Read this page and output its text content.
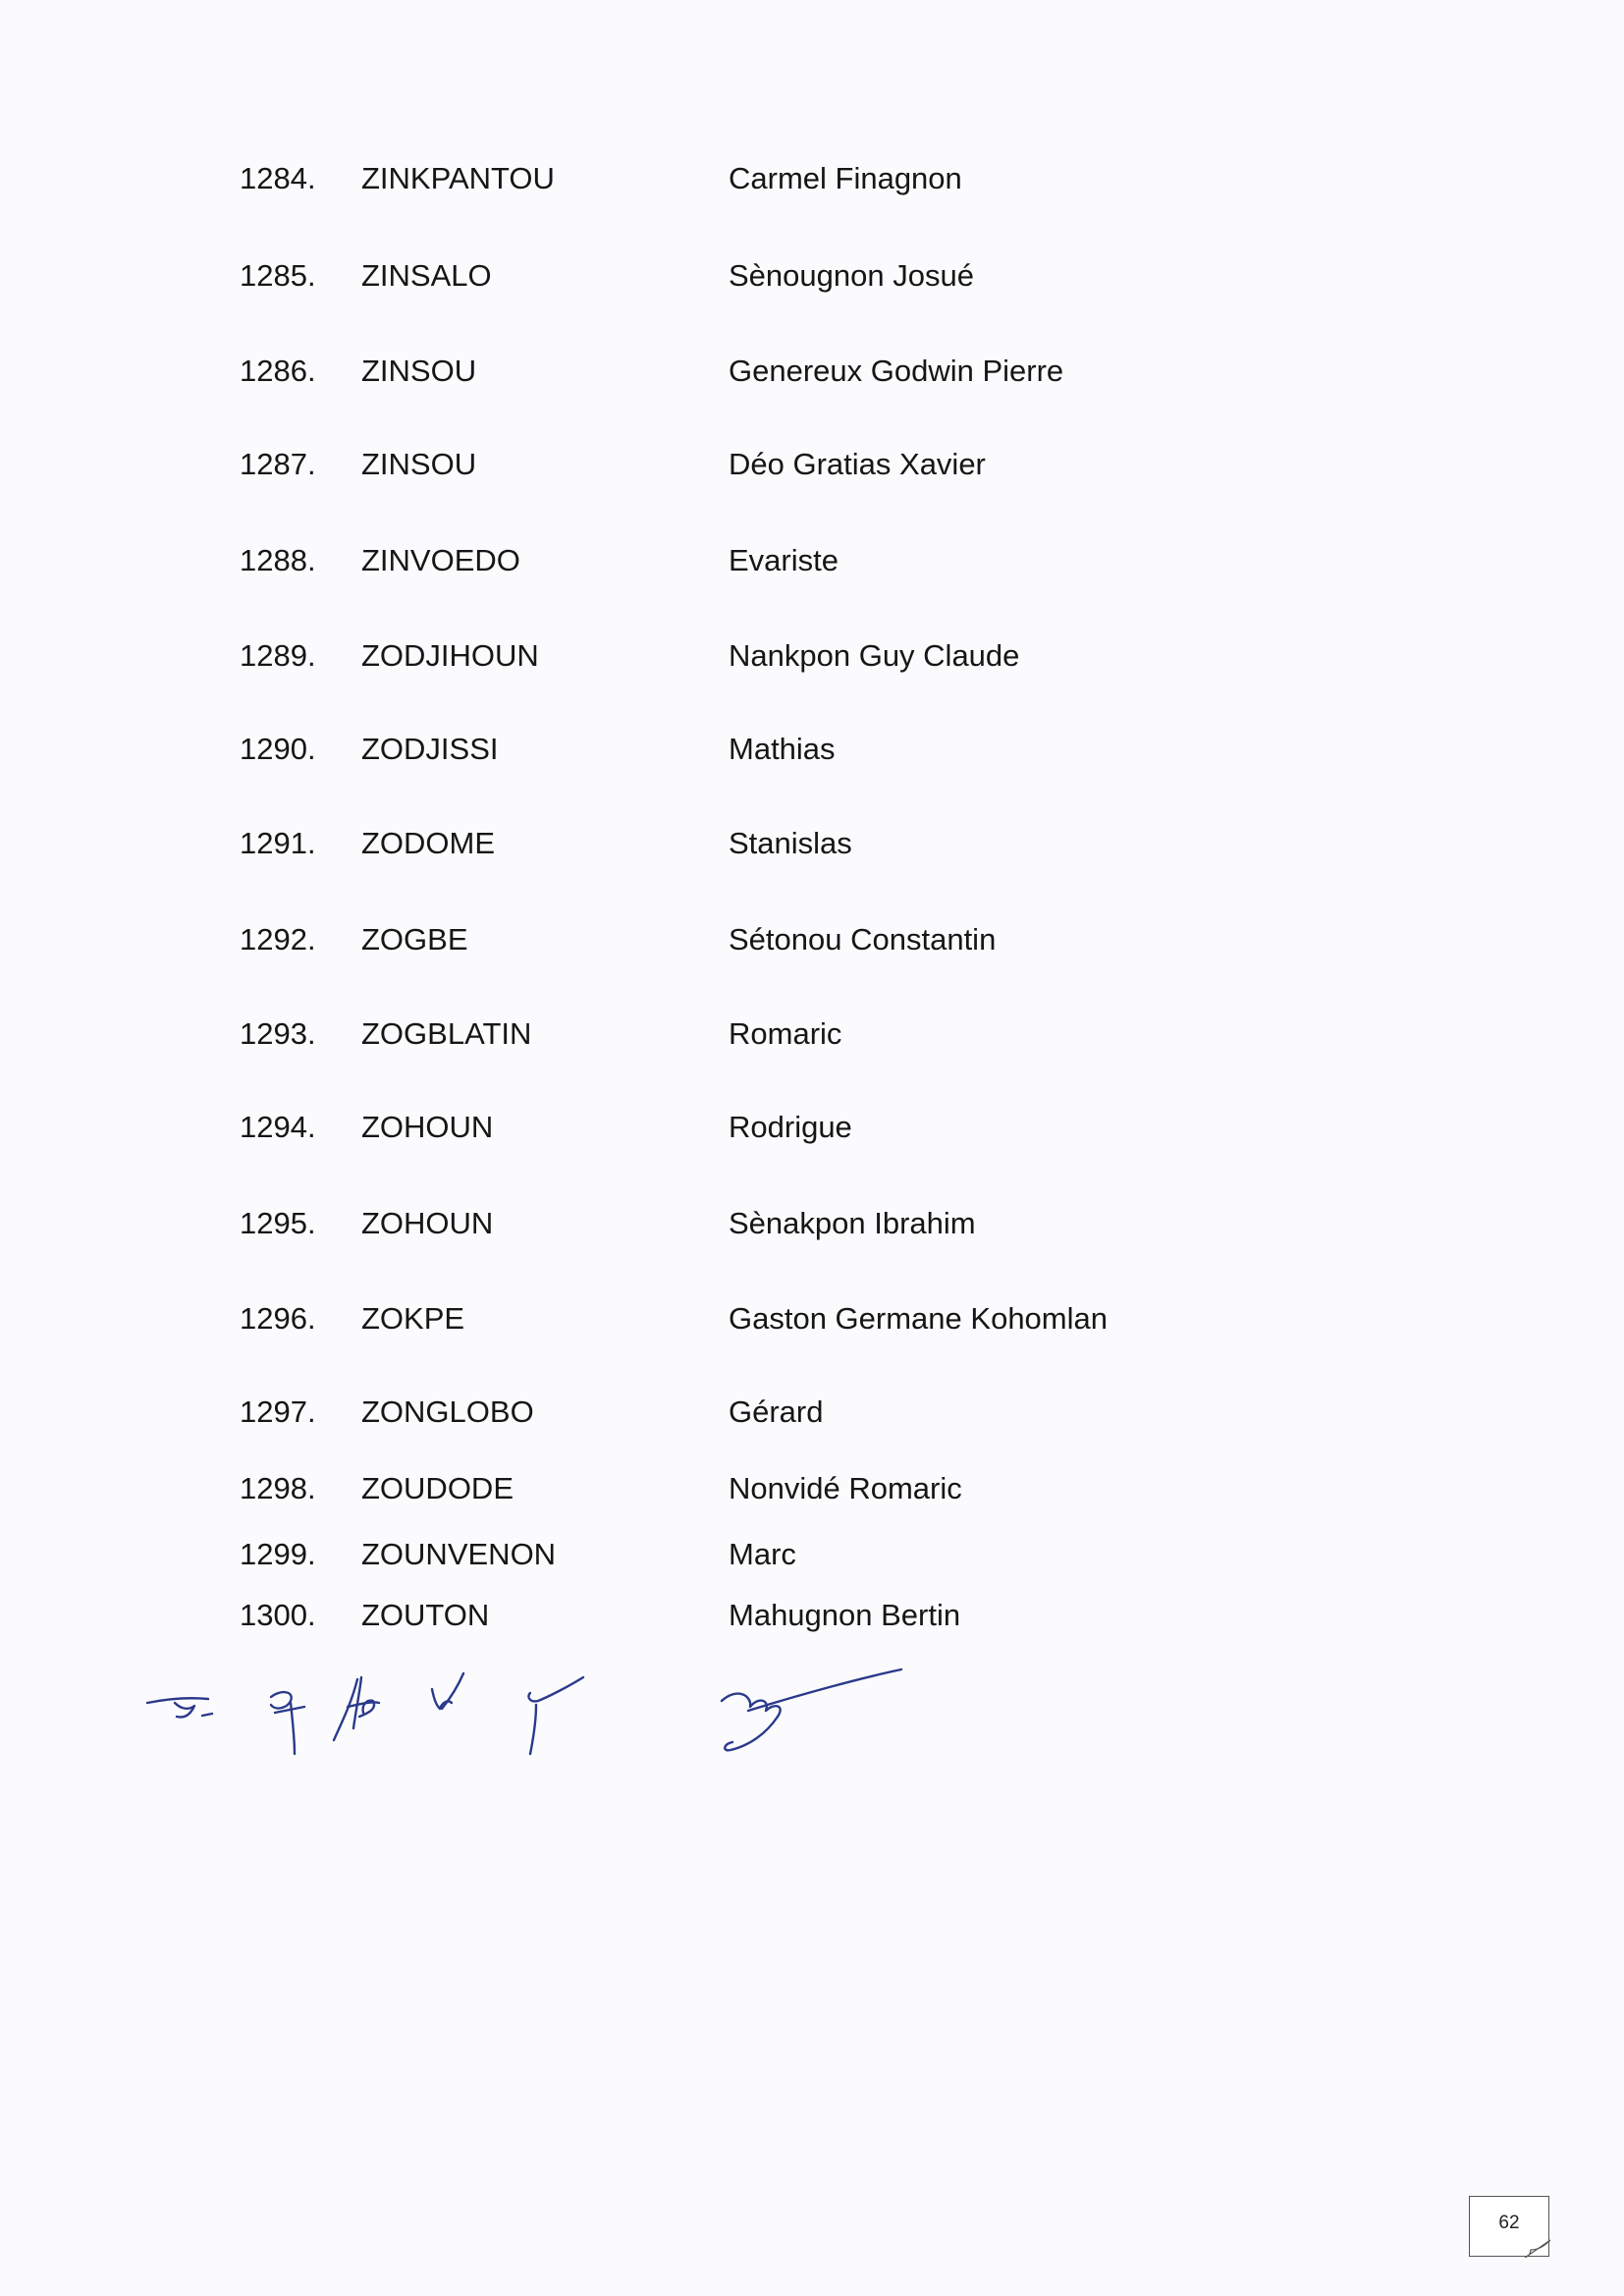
1284. ZINKPANTOU	Carmel Finagnon
1285. ZINSALO	Sènougnon Josué
1286. ZINSOU	Genereux Godwin Pierre
1287. ZINSOU	Déo Gratias Xavier
1288. ZINVOEDO	Evariste
1289. ZODJIHOUN	Nankpon Guy Claude
1290. ZODJISSI	Mathias
1291. ZODOME	Stanislas
1292. ZOGBE	Sétonou Constantin
1293. ZOGBLATIN	Romaric
1294. ZOHOUN	Rodrigue
1295. ZOHOUN	Sènakpon Ibrahim
1296. ZOKPE	Gaston Germane Kohomlan
1297. ZONGLOBO	Gérard
1298. ZOUDODE	Nonvidé Romaric
1299. ZOUNVENON	Marc
1300. ZOUTON	Mahugnon Bertin
62
